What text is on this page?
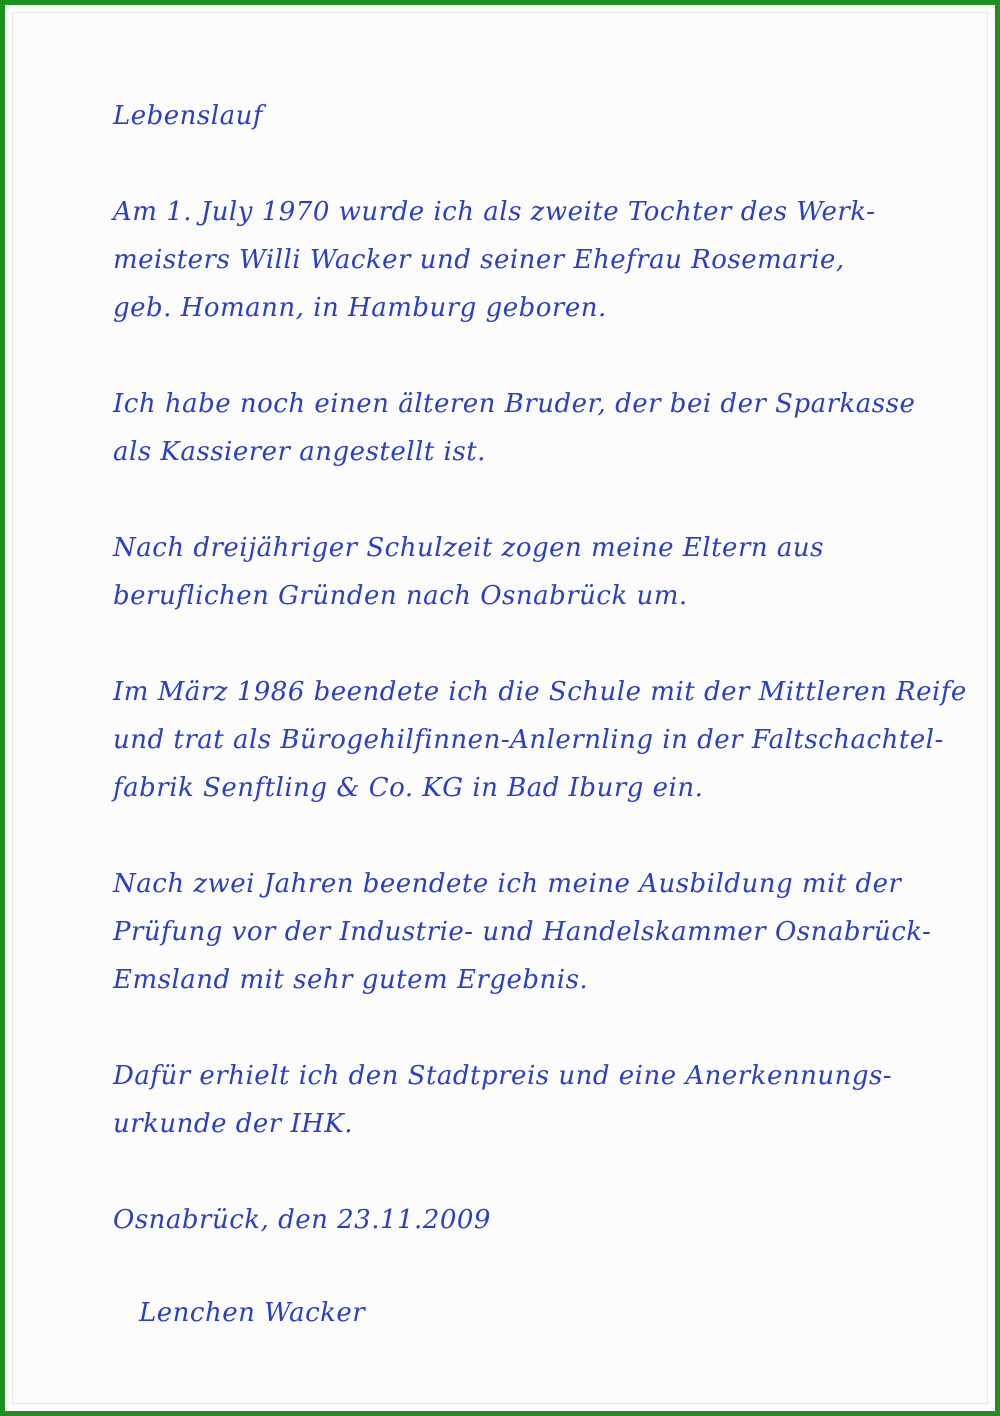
Lebenslauf
Am 1. July 1970 wurde ich als zweite Tochter des Werk-
meisters Willi Wacker und seiner Ehefrau Rosemarie,
geb. Homann, in Hamburg geboren.
Ich habe noch einen älteren Bruder, der bei der Sparkasse
als Kassierer angestellt ist.
Nach dreijähriger Schulzeit zogen meine Eltern aus
beruflichen Gründen nach Osnabrück um.
Im März 1986 beendete ich die Schule mit der Mittleren Reife
und trat als Bürogehilfinnen-Anlernling in der Faltschachtel-
fabrik Senftling & Co. KG in Bad Iburg ein.
Nach zwei Jahren beendete ich meine Ausbildung mit der
Prüfung vor der Industrie- und Handelskammer Osnabrück-
Emsland mit sehr gutem Ergebnis.
Dafür erhielt ich den Stadtpreis und eine Anerkennungs-
urkunde der IHK.
Osnabrück, den 23.11.2009
Lenchen Wacker
